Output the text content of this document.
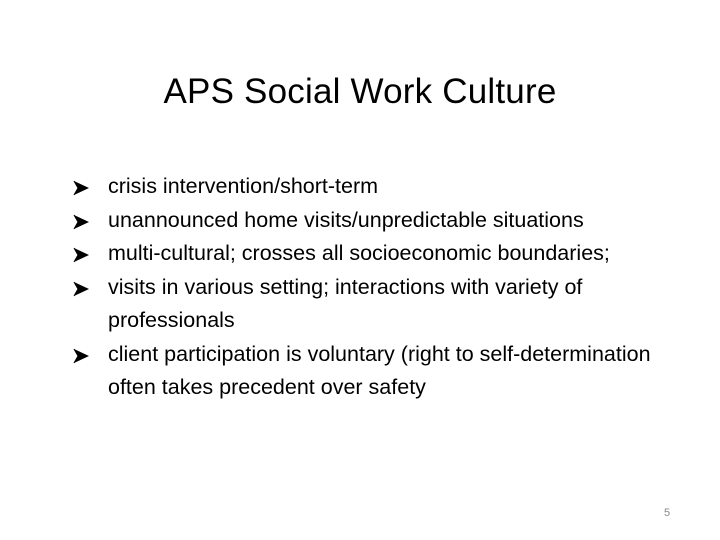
APS Social Work Culture
crisis intervention/short-term
unannounced home visits/unpredictable situations
multi-cultural; crosses all socioeconomic boundaries;
visits in various setting; interactions with variety of professionals
client participation is voluntary (right to self-determination often takes precedent over safety
5
